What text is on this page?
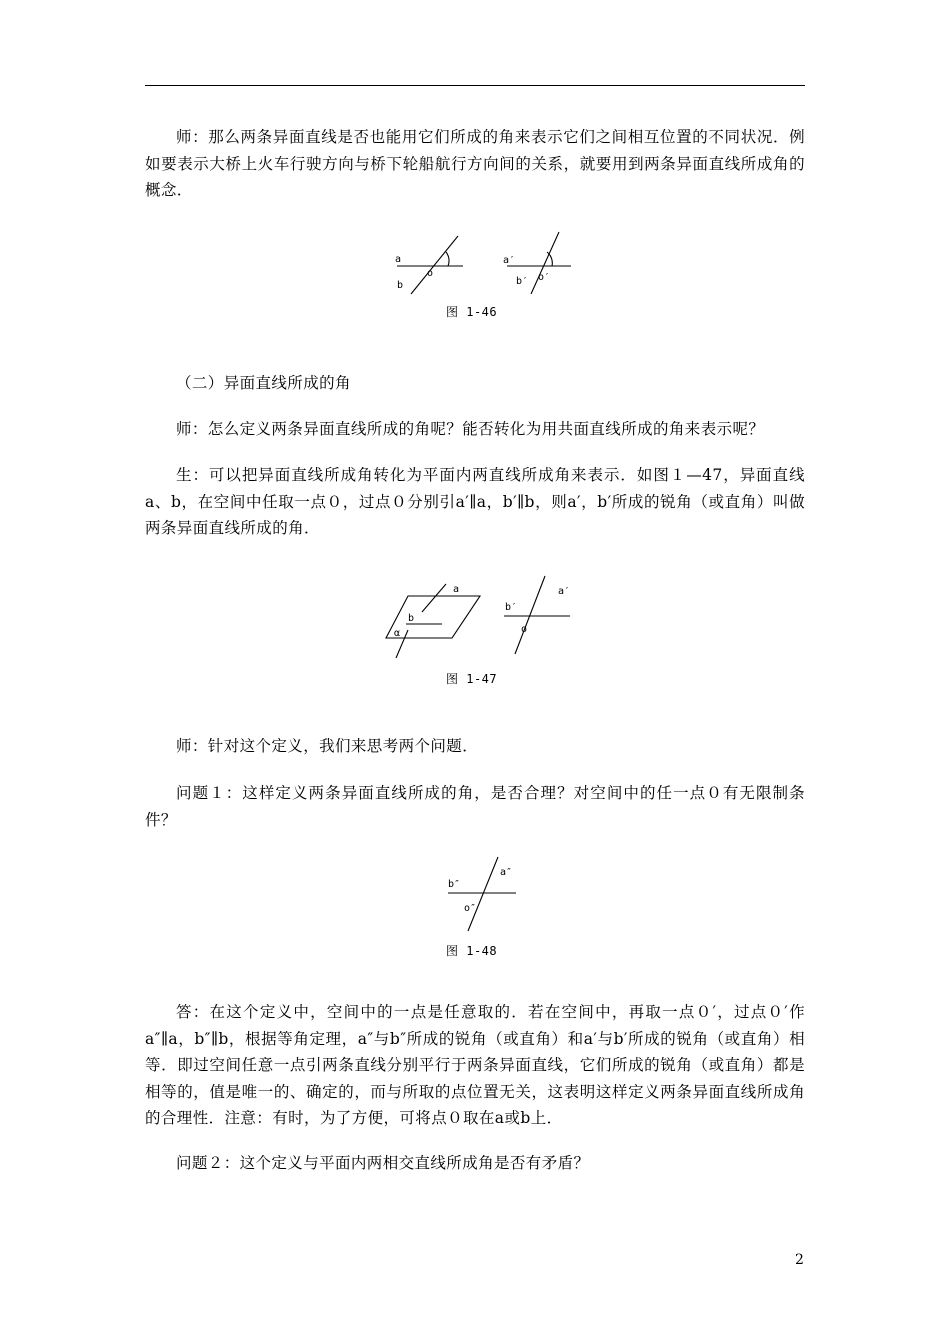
师：那么两条异面直线是否也能用它们所成的角来表示它们之间相互位置的不同状况．例如要表示大桥上火车行驶方向与桥下轮船航行方向间的关系，就要用到两条异面直线所成角的概念．

a
b
o
a′
b′ o′
图 1-46

（二）异面直线所成的角

师：怎么定义两条异面直线所成的角呢？能否转化为用共面直线所成的角来表示呢？

生：可以把异面直线所成角转化为平面内两直线所成角来表示．如图１—47，异面直线a、b，在空间中任取一点０，过点０分别引a′∥a，b′∥b，则a′，b′所成的锐角（或直角）叫做两条异面直线所成的角．

a
b
α
b′
a′
o
图 1-47

师：针对这个定义，我们来思考两个问题．

问题１：这样定义两条异面直线所成的角，是否合理？对空间中的任一点０有无限制条件？

b″
a″
o″
图 1-48

答：在这个定义中，空间中的一点是任意取的．若在空间中，再取一点０′，过点０′作a″∥a，b″∥b，根据等角定理，a″与b″所成的锐角（或直角）和a′与b′所成的锐角（或直角）相等．即过空间任意一点引两条直线分别平行于两条异面直线，它们所成的锐角（或直角）都是相等的，值是唯一的、确定的，而与所取的点位置无关，这表明这样定义两条异面直线所成角的合理性．注意：有时，为了方便，可将点０取在a或b上．

问题２：这个定义与平面内两相交直线所成角是否有矛盾？

2
